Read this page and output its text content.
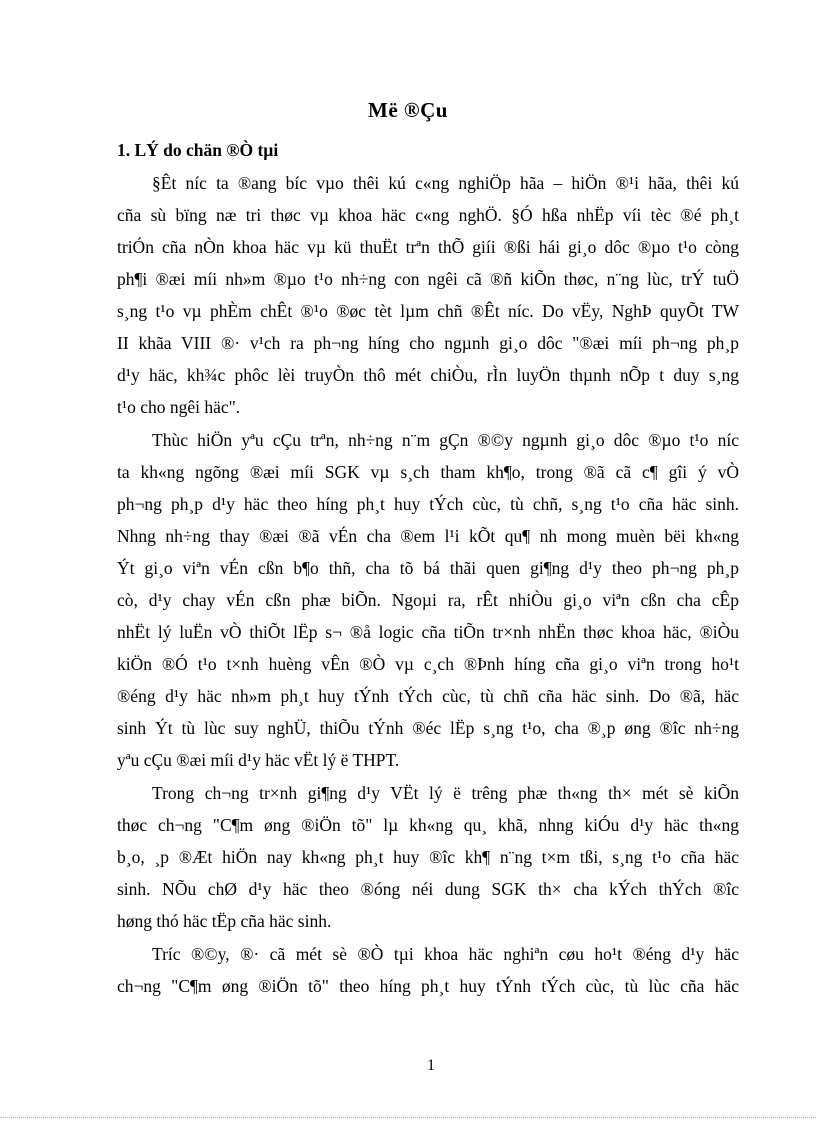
Më ®Çu
1. LÝ do chän ®Ò tµi
§Êt níc ta ®ang bíc vµo thêi kú c«ng nghiÖp hãa – hiÖn ®¹i hãa, thêi kú
cña sù bïng næ tri thøc vµ khoa häc c«ng nghÖ. §Ó hßa nhËp víi tèc ®é ph¸t
triÓn cña nÒn khoa häc vµ kü thuËt trªn thÕ giíi ®ßi hái gi¸o dôc ®µo t¹o còng
ph¶i ®æi míi nh»m ®µo t¹o nh÷ng con ngêi cã ®ñ kiÕn thøc, n¨ng lùc, trÝ tuÖ
s¸ng t¹o vµ phÈm chÊt ®¹o ®øc tèt lµm chñ ®Êt níc. Do vËy, NghÞ quyÕt TW
II khãa VIII ®· v¹ch ra ph¬ng híng cho ngµnh gi¸o dôc "®æi míi ph¬ng ph¸p
d¹y häc, kh¾c phôc lèi truyÒn thô mét chiÒu, rÌn luyÖn thµnh nÕp t duy s¸ng
t¹o cho ngêi häc".
Thùc hiÖn yªu cÇu trªn, nh÷ng n¨m gÇn ®©y ngµnh gi¸o dôc ®µo t¹o níc
ta kh«ng ngõng ®æi míi SGK vµ s¸ch tham kh¶o, trong ®ã cã c¶ gîi ý vÒ
ph¬ng ph¸p d¹y häc theo híng ph¸t huy tÝch cùc, tù chñ, s¸ng t¹o cña häc sinh.
Nhng nh÷ng thay ®æi ®ã vÉn cha ®em l¹i kÕt qu¶ nh mong muèn bëi kh«ng
Ýt gi¸o viªn vÉn cßn b¶o thñ, cha tõ bá thãi quen gi¶ng d¹y theo ph¬ng ph¸p
cò, d¹y chay vÉn cßn phæ biÕn. Ngoµi ra, rÊt nhiÒu gi¸o viªn cßn cha cÊp
nhËt lý luËn vÒ thiÕt lËp s¬ ®å logic cña tiÕn tr×nh nhËn thøc khoa häc, ®iÒu
kiÖn ®Ó t¹o t×nh huèng vÊn ®Ò vµ c¸ch ®Þnh híng cña gi¸o viªn trong ho¹t
®éng d¹y häc nh»m ph¸t huy tÝnh tÝch cùc, tù chñ cña häc sinh. Do ®ã, häc
sinh Ýt tù lùc suy nghÜ, thiÕu tÝnh ®éc lËp s¸ng t¹o, cha ®¸p øng ®îc nh÷ng
yªu cÇu ®æi míi d¹y häc vËt lý ë THPT.
Trong ch¬ng tr×nh gi¶ng d¹y VËt lý ë trêng phæ th«ng th× mét sè kiÕn
thøc ch¬ng "C¶m øng ®iÖn tõ" lµ kh«ng qu¸ khã, nhng kiÓu d¹y häc th«ng
b¸o, ¸p ®Æt hiÖn nay kh«ng ph¸t huy ®îc kh¶ n¨ng t×m tßi, s¸ng t¹o cña häc
sinh. NÕu chØ d¹y häc theo ®óng néi dung SGK th× cha kÝch thÝch ®îc
høng thó häc tËp cña häc sinh.
Tríc ®©y, ®· cã mét sè ®Ò tµi khoa häc nghiªn cøu ho¹t ®éng d¹y häc
ch¬ng "C¶m øng ®iÖn tõ" theo híng ph¸t huy tÝnh tÝch cùc, tù lùc cña häc
1
